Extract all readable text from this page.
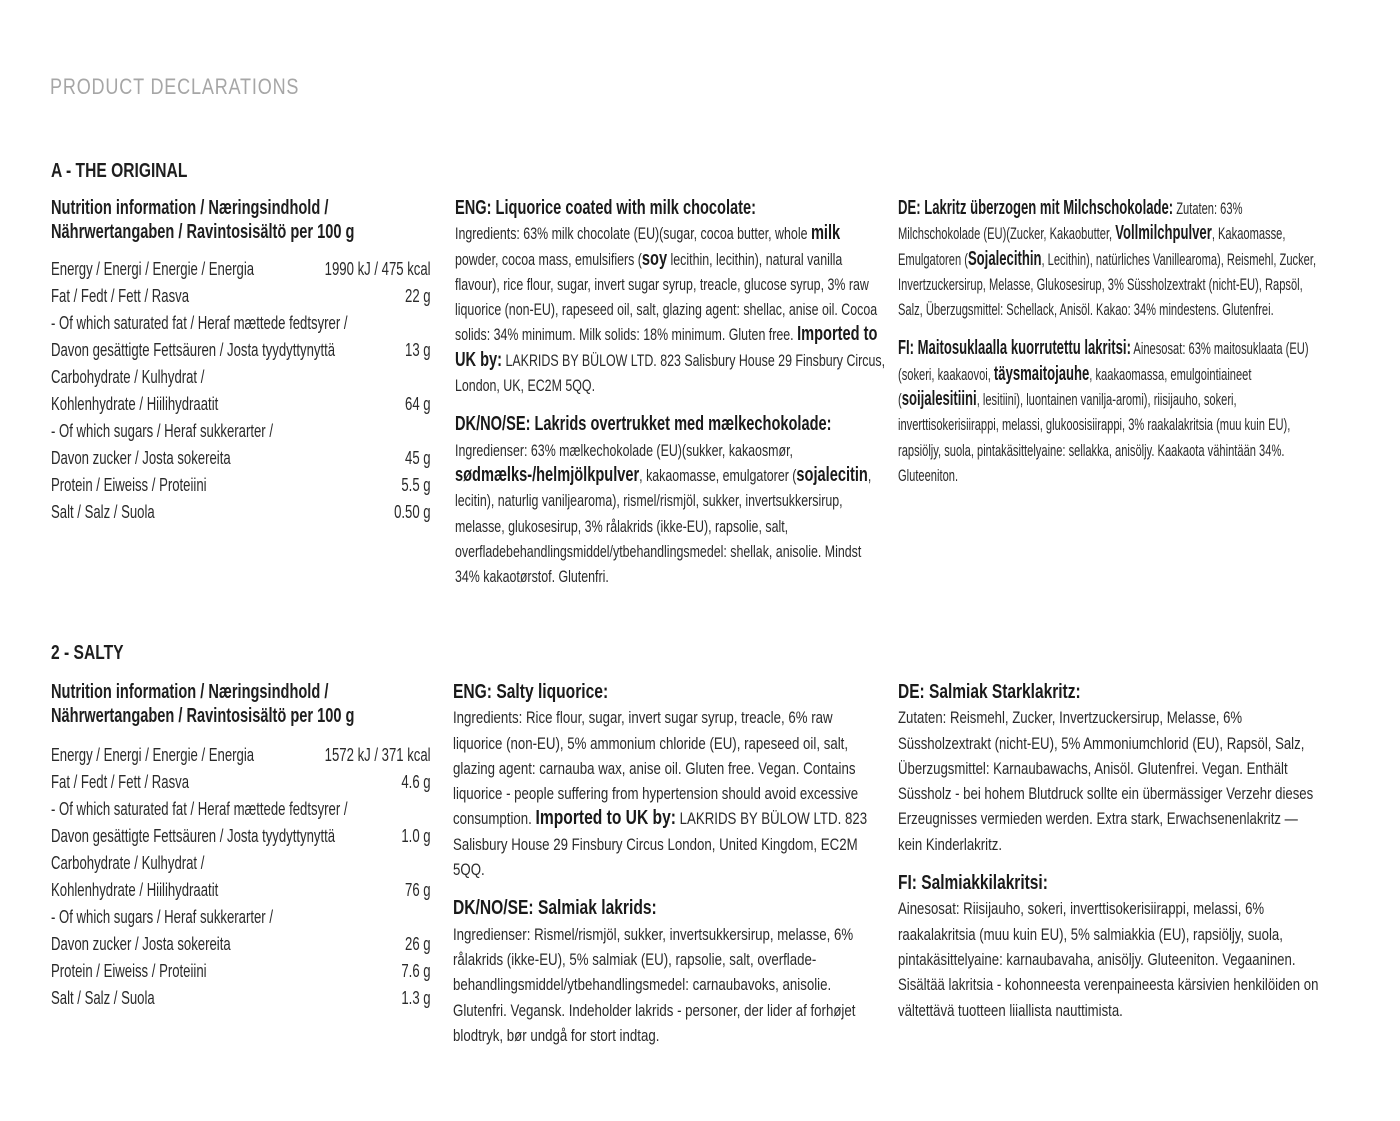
PRODUCT DECLARATIONS
A - THE ORIGINAL
Nutrition information / Næringsindhold /
Nährwertangaben / Ravintosisältö per 100 g
Energy / Energi / Energie / Energia	1990 kJ / 475 kcal
Fat / Fedt / Fett / Rasva	22 g
- Of which saturated fat / Heraf mættede fedtsyrer /
Davon gesättigte Fettsäuren / Josta tyydyttynyttä	13 g
Carbohydrate / Kulhydrat /
Kohlenhydrate / Hiilihydraatit	64 g
- Of which sugars / Heraf sukkerarter /
Davon zucker / Josta sokereita	45 g
Protein / Eiweiss / Proteiini	5.5 g
Salt / Salz / Suola	0.50 g
ENG: Liquorice coated with milk chocolate:
Ingredients: 63% milk chocolate (EU)(sugar, cocoa butter, whole milk powder, cocoa mass, emulsifiers (soy lecithin, lecithin), natural vanilla flavour), rice flour, sugar, invert sugar syrup, treacle, glucose syrup, 3% raw liquorice (non-EU), rapeseed oil, salt, glazing agent: shellac, anise oil. Cocoa solids: 34% minimum. Milk solids: 18% minimum. Gluten free. Imported to UK by: LAKRIDS BY BÜLOW LTD. 823 Salisbury House 29 Finsbury Circus, London, UK, EC2M 5QQ.
DK/NO/SE: Lakrids overtrukket med mælkechokolade:
Ingredienser: 63% mælkechokolade (EU)(sukker, kakaosmør, sødmælks-/helmjölkpulver, kakaomasse, emulgatorer (sojalecitin, lecitin), naturlig vaniljearoma), rismel/rismjöl, sukker, invertsukkersirup, melasse, glukosesirup, 3% rålakrids (ikke-EU), rapsolie, salt, overfladebehandlingsmiddel/ytbehandlingsmedel: shellak, anisolie. Mindst 34% kakaotørstof. Glutenfri.
DE: Lakritz überzogen mit Milchschokolade: Zutaten: 63% Milchschokolade (EU)(Zucker, Kakaobutter, Vollmilchpulver, Kakaomasse, Emulgatoren (Sojalecithin, Lecithin), natürliches Vanillearoma), Reismehl, Zucker, Invertzuckersirup, Melasse, Glukosesirup, 3% Süssholzextrakt (nicht-EU), Rapsöl, Salz, Überzugsmittel: Schellack, Anisöl. Kakao: 34% mindestens. Glutenfrei.
FI: Maitosuklaalla kuorrutettu lakritsi: Ainesosat: 63% maitosuklaata (EU)(sokeri, kaakaovoi, täysmaitojauhe, kaakaomassa, emulgointiaineet (soijalesitiini, lesitiini), luontainen vanilja-aromi), riisijauho, sokeri, inverttisokerisiirappi, melassi, glukoosisiirappi, 3% raakalakritsia (muu kuin EU), rapsiöljy, suola, pintakäsittelyaine: sellakka, anisöljy. Kaakaota vähintään 34%. Gluteeniton.
2 - SALTY
Nutrition information / Næringsindhold /
Nährwertangaben / Ravintosisältö per 100 g
Energy / Energi / Energie / Energia	1572 kJ / 371 kcal
Fat / Fedt / Fett / Rasva	4.6 g
- Of which saturated fat / Heraf mættede fedtsyrer /
Davon gesättigte Fettsäuren / Josta tyydyttynyttä	1.0 g
Carbohydrate / Kulhydrat /
Kohlenhydrate / Hiilihydraatit	76 g
- Of which sugars / Heraf sukkerarter /
Davon zucker / Josta sokereita	26 g
Protein / Eiweiss / Proteiini	7.6 g
Salt / Salz / Suola	1.3 g
ENG: Salty liquorice:
Ingredients: Rice flour, sugar, invert sugar syrup, treacle, 6% raw liquorice (non-EU), 5% ammonium chloride (EU), rapeseed oil, salt, glazing agent: carnauba wax, anise oil. Gluten free. Vegan. Contains liquorice - people suffering from hypertension should avoid excessive consumption. Imported to UK by: LAKRIDS BY BÜLOW LTD. 823 Salisbury House 29 Finsbury Circus London, United Kingdom, EC2M 5QQ.
DK/NO/SE: Salmiak lakrids:
Ingredienser: Rismel/rismjöl, sukker, invertsukkersirup, melasse, 6% rålakrids (ikke-EU), 5% salmiak (EU), rapsolie, salt, overflade-behandlingsmiddel/ytbehandlingsmedel: carnaubavoks, anisolie. Glutenfri. Vegansk. Indeholder lakrids - personer, der lider af forhøjet blodtryk, bør undgå for stort indtag.
DE: Salmiak Starklakritz:
Zutaten: Reismehl, Zucker, Invertzuckersirup, Melasse, 6% Süssholzextrakt (nicht-EU), 5% Ammoniumchlorid (EU), Rapsöl, Salz, Überzugsmittel: Karnaubawachs, Anisöl. Glutenfrei. Vegan. Enthält Süssholz - bei hohem Blutdruck sollte ein übermässiger Verzehr dieses Erzeugnisses vermieden werden. Extra stark, Erwachsenenlakritz — kein Kinderlakritz.
FI: Salmiakkilakritsi:
Ainesosat: Riisijauho, sokeri, inverttisokerisiirappi, melassi, 6% raakalakritsia (muu kuin EU), 5% salmiakkia (EU), rapsiöljy, suola, pintakäsittelyaine: karnaubavaha, anisöljy. Gluteeniton. Vegaaninen. Sisältää lakritsia - kohonneesta verenpaineesta kärsivien henkilöiden on vältettävä tuotteen liiallista nauttimista.
